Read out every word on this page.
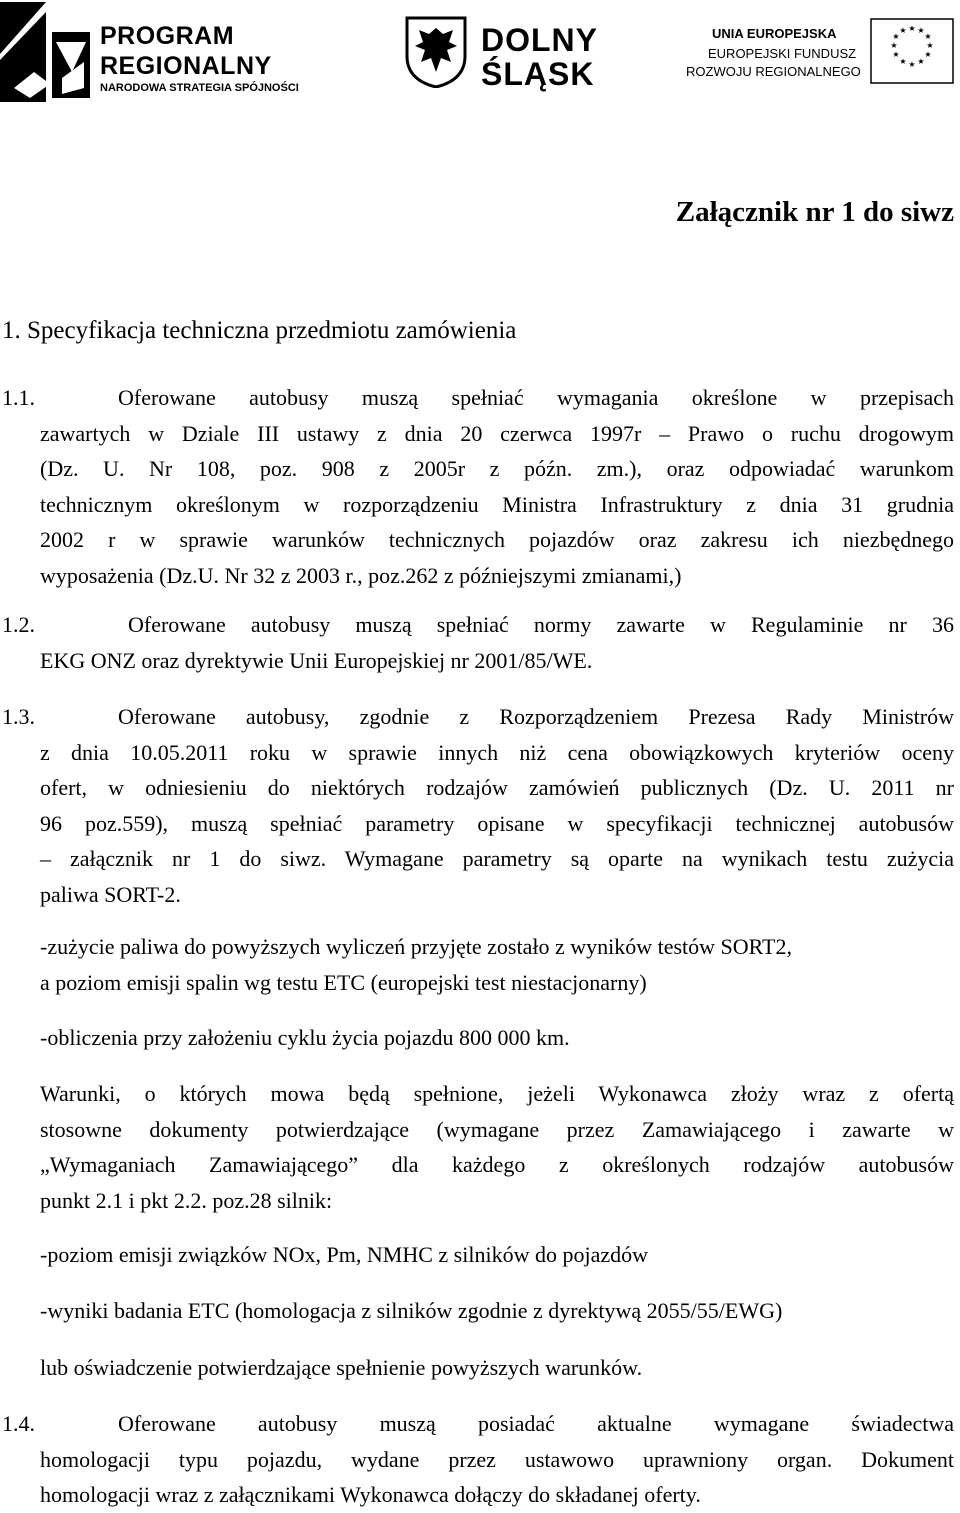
PROGRAM
REGIONALNY
NARODOWA STRATEGIA SPÓJNOŚCI
DOLNY
ŚLĄSK
UNIA EUROPEJSKA
EUROPEJSKI FUNDUSZ
ROZWOJU REGIONALNEGO
★ ★
★
★
★
★
★
★
★
★
★
★
Załącznik nr 1 do siwz
1. Specyfikacja techniczna przedmiotu zamówienia
1.1.	Oferowane autobusy muszą spełniać wymagania określone w przepisach
zawartych w Dziale III ustawy z dnia 20 czerwca 1997r – Prawo o ruchu drogowym
(Dz. U. Nr 108, poz. 908 z 2005r z późn. zm.), oraz odpowiadać warunkom
technicznym określonym w rozporządzeniu Ministra Infrastruktury z dnia 31 grudnia
2002 r w sprawie warunków technicznych pojazdów oraz zakresu ich niezbędnego
wyposażenia (Dz.U. Nr 32 z 2003 r., poz.262 z późniejszymi zmianami,)
1.2.	Oferowane autobusy muszą spełniać normy zawarte w Regulaminie nr 36
EKG ONZ oraz dyrektywie Unii Europejskiej nr 2001/85/WE.
1.3.	Oferowane autobusy, zgodnie z Rozporządzeniem Prezesa Rady Ministrów
z dnia 10.05.2011 roku w sprawie innych niż cena obowiązkowych kryteriów oceny
ofert, w odniesieniu do niektórych rodzajów zamówień publicznych (Dz. U. 2011 nr
96 poz.559), muszą spełniać parametry opisane w specyfikacji technicznej autobusów
– załącznik nr 1 do siwz. Wymagane parametry są oparte na wynikach testu zużycia
paliwa SORT-2.
-zużycie paliwa do powyższych wyliczeń przyjęte zostało z wyników testów SORT2,
a poziom emisji spalin wg testu ETC (europejski test niestacjonarny)
-obliczenia przy założeniu cyklu życia pojazdu 800 000 km.
Warunki, o których mowa będą spełnione, jeżeli Wykonawca złoży wraz z ofertą
stosowne dokumenty potwierdzające (wymagane przez Zamawiającego i zawarte w
„Wymaganiach Zamawiającego” dla każdego z określonych rodzajów autobusów
punkt 2.1 i pkt 2.2. poz.28 silnik:
-poziom emisji związków NOx, Pm, NMHC z silników do pojazdów
-wyniki badania ETC (homologacja z silników zgodnie z dyrektywą 2055/55/EWG)
lub oświadczenie potwierdzające spełnienie powyższych warunków.
1.4.	Oferowane autobusy muszą posiadać aktualne wymagane świadectwa
homologacji typu pojazdu, wydane przez ustawowo uprawniony organ. Dokument
homologacji wraz z załącznikami Wykonawca dołączy do składanej oferty.
